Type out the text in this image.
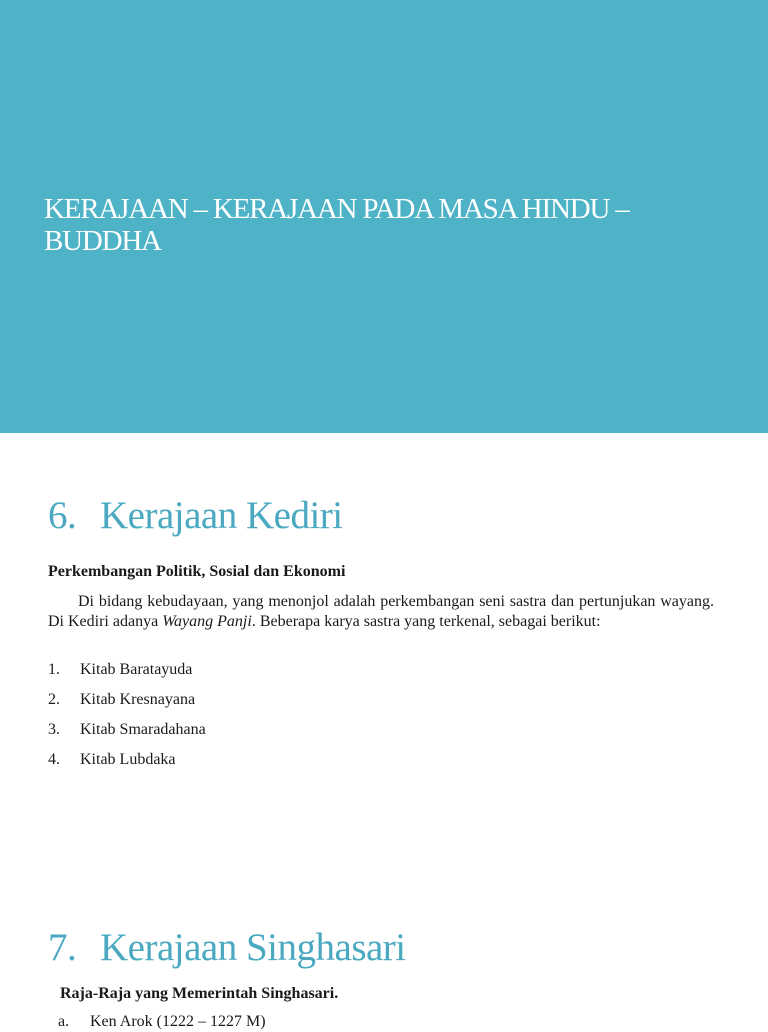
KERAJAAN – KERAJAAN PADA MASA HINDU – BUDDHA
6. Kerajaan Kediri

Perkembangan Politik, Sosial dan Ekonomi

Di bidang kebudayaan, yang menonjol adalah perkembangan seni sastra dan pertunjukan wayang. Di Kediri adanya Wayang Panji. Beberapa karya sastra yang terkenal, sebagai berikut:

1. Kitab Baratayuda
2. Kitab Kresnayana
3. Kitab Smaradahana
4. Kitab Lubdaka
7. Kerajaan Singhasari

Raja-Raja yang Memerintah Singhasari.

a. Ken Arok (1222 – 1227 M)
